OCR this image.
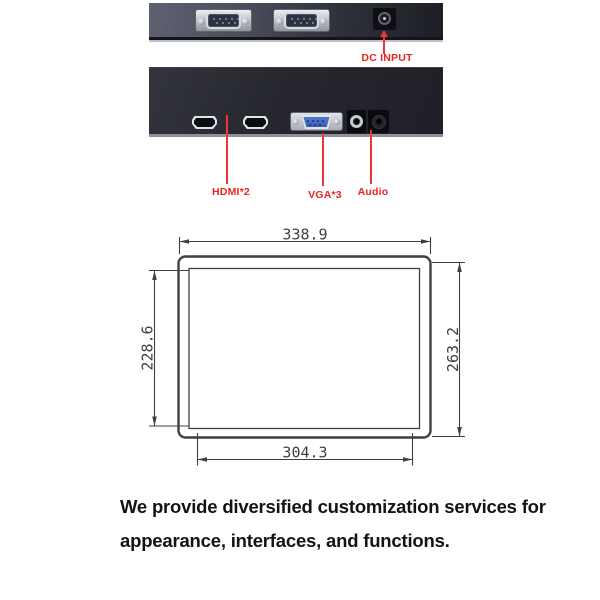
DC INPUT
HDMI*2	VGA*3	Audio
338.9
228.6	263.2
304.3
We provide diversified customization services for
appearance, interfaces, and functions.
